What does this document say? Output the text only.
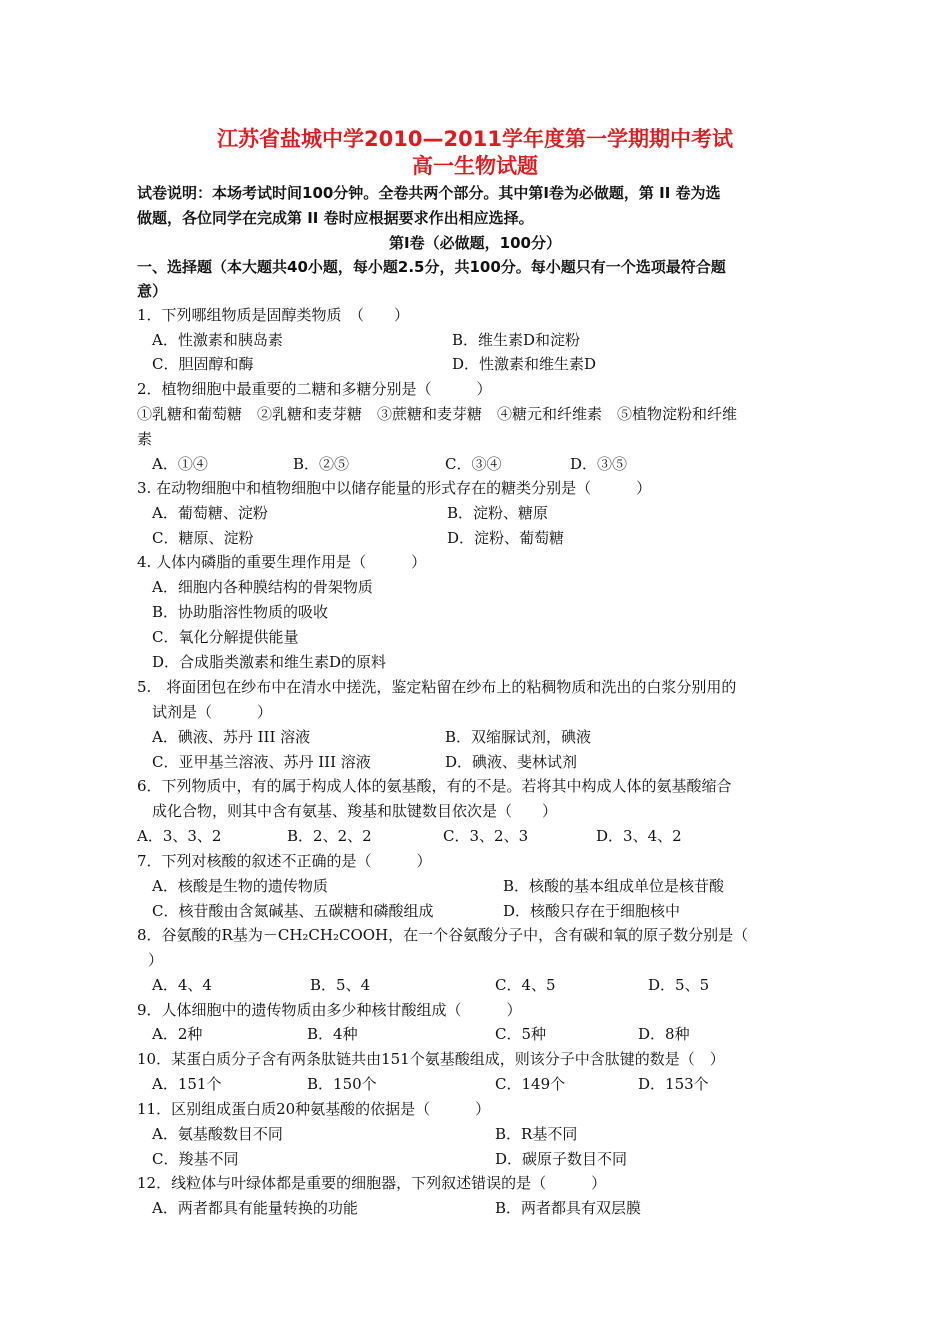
江苏省盐城中学2010—2011学年度第一学期期中考试
高一生物试题
试卷说明：本场考试时间100分钟。全卷共两个部分。其中第Ⅰ卷为必做题，第 II 卷为选
做题，各位同学在完成第 II 卷时应根据要求作出相应选择。
第Ⅰ卷（必做题，100分）
一、选择题（本大题共40小题，每小题2.5分，共100分。每小题只有一个选项最符合题
意）
1．下列哪组物质是固醇类物质　（　　）
A．性激素和胰岛素	B．维生素D和淀粉
C．胆固醇和酶	D．性激素和维生素D
2．植物细胞中最重要的二糖和多糖分别是（　　　）
①乳糖和葡萄糖　②乳糖和麦芽糖　③蔗糖和麦芽糖　④糖元和纤维素　⑤植物淀粉和纤维
素
A．①④	B．②⑤	C．③④	D．③⑤
3. 在动物细胞中和植物细胞中以储存能量的形式存在的糖类分别是（　　　）
A．葡萄糖、淀粉	B．淀粉、糖原
C．糖原、淀粉	D．淀粉、葡萄糖
4. 人体内磷脂的重要生理作用是（　　　）
A．细胞内各种膜结构的骨架物质
B．协助脂溶性物质的吸收
C．氧化分解提供能量
D．合成脂类激素和维生素D的原料
5.　将面团包在纱布中在清水中搓洗，鉴定粘留在纱布上的粘稠物质和洗出的白浆分别用的
试剂是（　　　）
A．碘液、苏丹 III 溶液	B．双缩脲试剂，碘液
C．亚甲基兰溶液、苏丹 III 溶液	D．碘液、斐林试剂
6．下列物质中，有的属于构成人体的氨基酸，有的不是。若将其中构成人体的氨基酸缩合
成化合物，则其中含有氨基、羧基和肽键数目依次是（　　）
A．3、3、2	B．2、2、2	C．3、2、3	D．3、4、2
7．下列对核酸的叙述不正确的是（　　　）
A．核酸是生物的遗传物质	B．核酸的基本组成单位是核苷酸
C．核苷酸由含氮碱基、五碳糖和磷酸组成	D．核酸只存在于细胞核中
8．谷氨酸的R基为－CH₂CH₂COOH，在一个谷氨酸分子中，含有碳和氧的原子数分别是（
）
A．4、4	B．5、4	C．4、5	D．5、5
9．人体细胞中的遗传物质由多少种核甘酸组成（　　　）
A．2种	B．4种	C．5种	D．8种
10．某蛋白质分子含有两条肽链共由151个氨基酸组成，则该分子中含肽键的数是（　）
A．151个	B．150个	C．149个	D．153个
11．区别组成蛋白质20种氨基酸的依据是（　　　）
A．氨基酸数目不同	B．R基不同
C．羧基不同	D．碳原子数目不同
12．线粒体与叶绿体都是重要的细胞器，下列叙述错误的是（　　　）
A．两者都具有能量转换的功能	B．两者都具有双层膜
